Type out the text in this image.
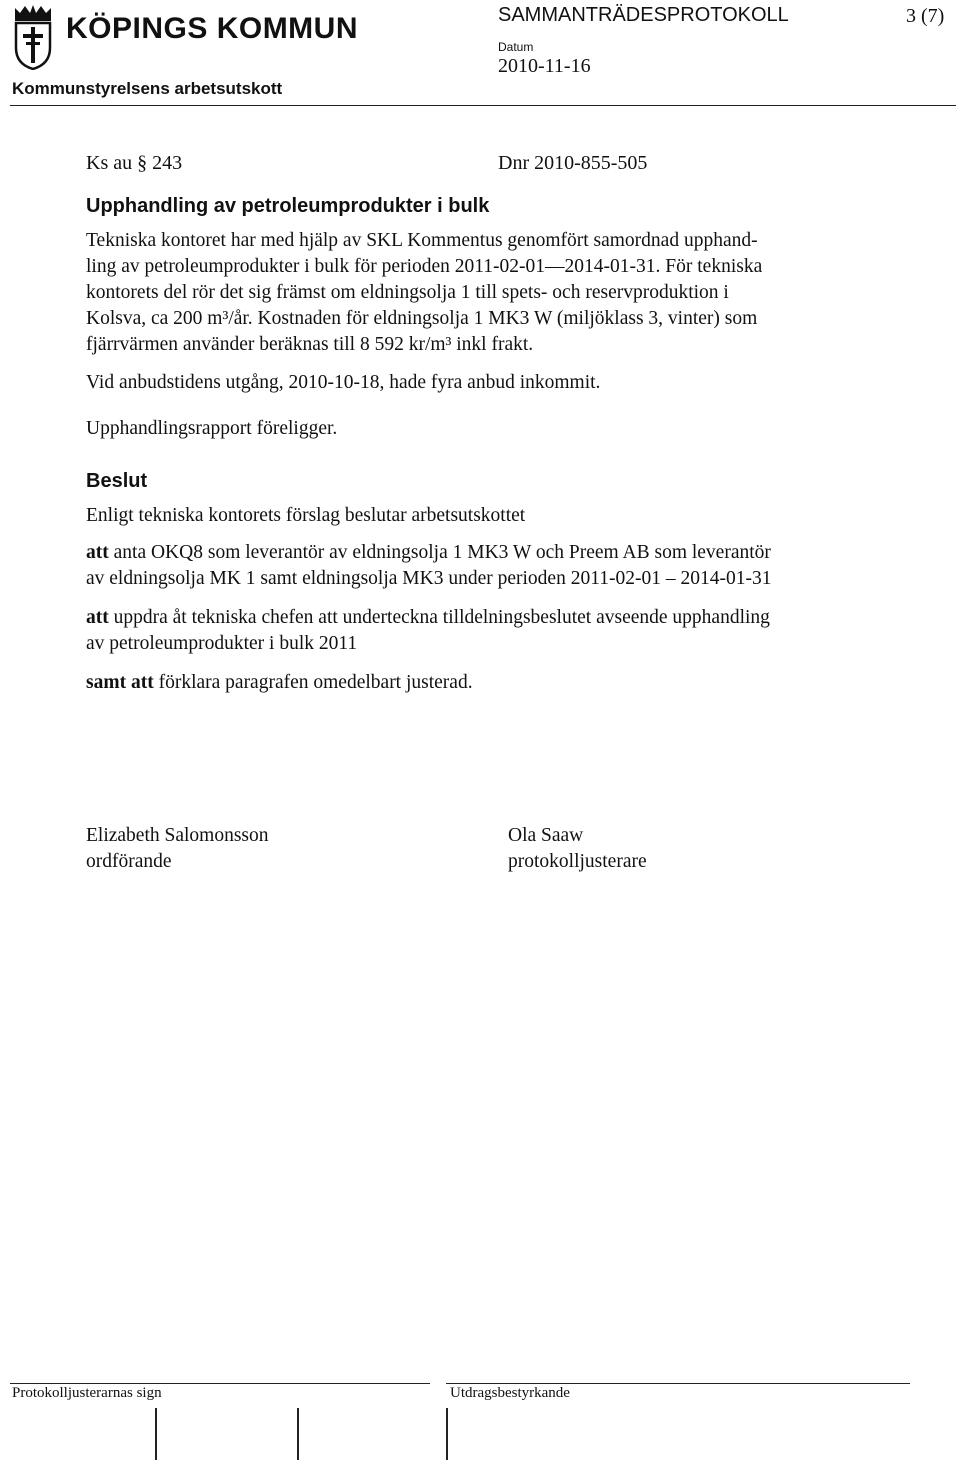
KÖPINGS KOMMUN	SAMMANTRÄDESPROTOKOLL	3 (7)
Datum
2010-11-16
Kommunstyrelsens arbetsutskott
Ks au § 243	Dnr 2010-855-505
Upphandling av petroleumprodukter i bulk
Tekniska kontoret har med hjälp av SKL Kommentus genomfört samordnad upphand-
ling av petroleumprodukter i bulk för perioden 2011-02-01—2014-01-31. För tekniska
kontorets del rör det sig främst om eldningsolja 1 till spets- och reservproduktion i
Kolsva, ca 200 m³/år. Kostnaden för eldningsolja 1 MK3 W (miljöklass 3, vinter) som
fjärrvärmen använder beräknas till 8 592 kr/m³ inkl frakt.
Vid anbudstidens utgång, 2010-10-18, hade fyra anbud inkommit.
Upphandlingsrapport föreligger.
Beslut
Enligt tekniska kontorets förslag beslutar arbetsutskottet
att anta OKQ8 som leverantör av eldningsolja 1 MK3 W och Preem AB som leverantör
av eldningsolja MK 1 samt eldningsolja MK3 under perioden 2011-02-01 – 2014-01-31
att uppdra åt tekniska chefen att underteckna tilldelningsbeslutet avseende upphandling
av petroleumprodukter i bulk 2011
samt att förklara paragrafen omedelbart justerad.
Elizabeth Salomonsson
ordförande
Ola Saaw
protokolljusterare
Protokolljusterarnas sign	Utdragsbestyrkande
